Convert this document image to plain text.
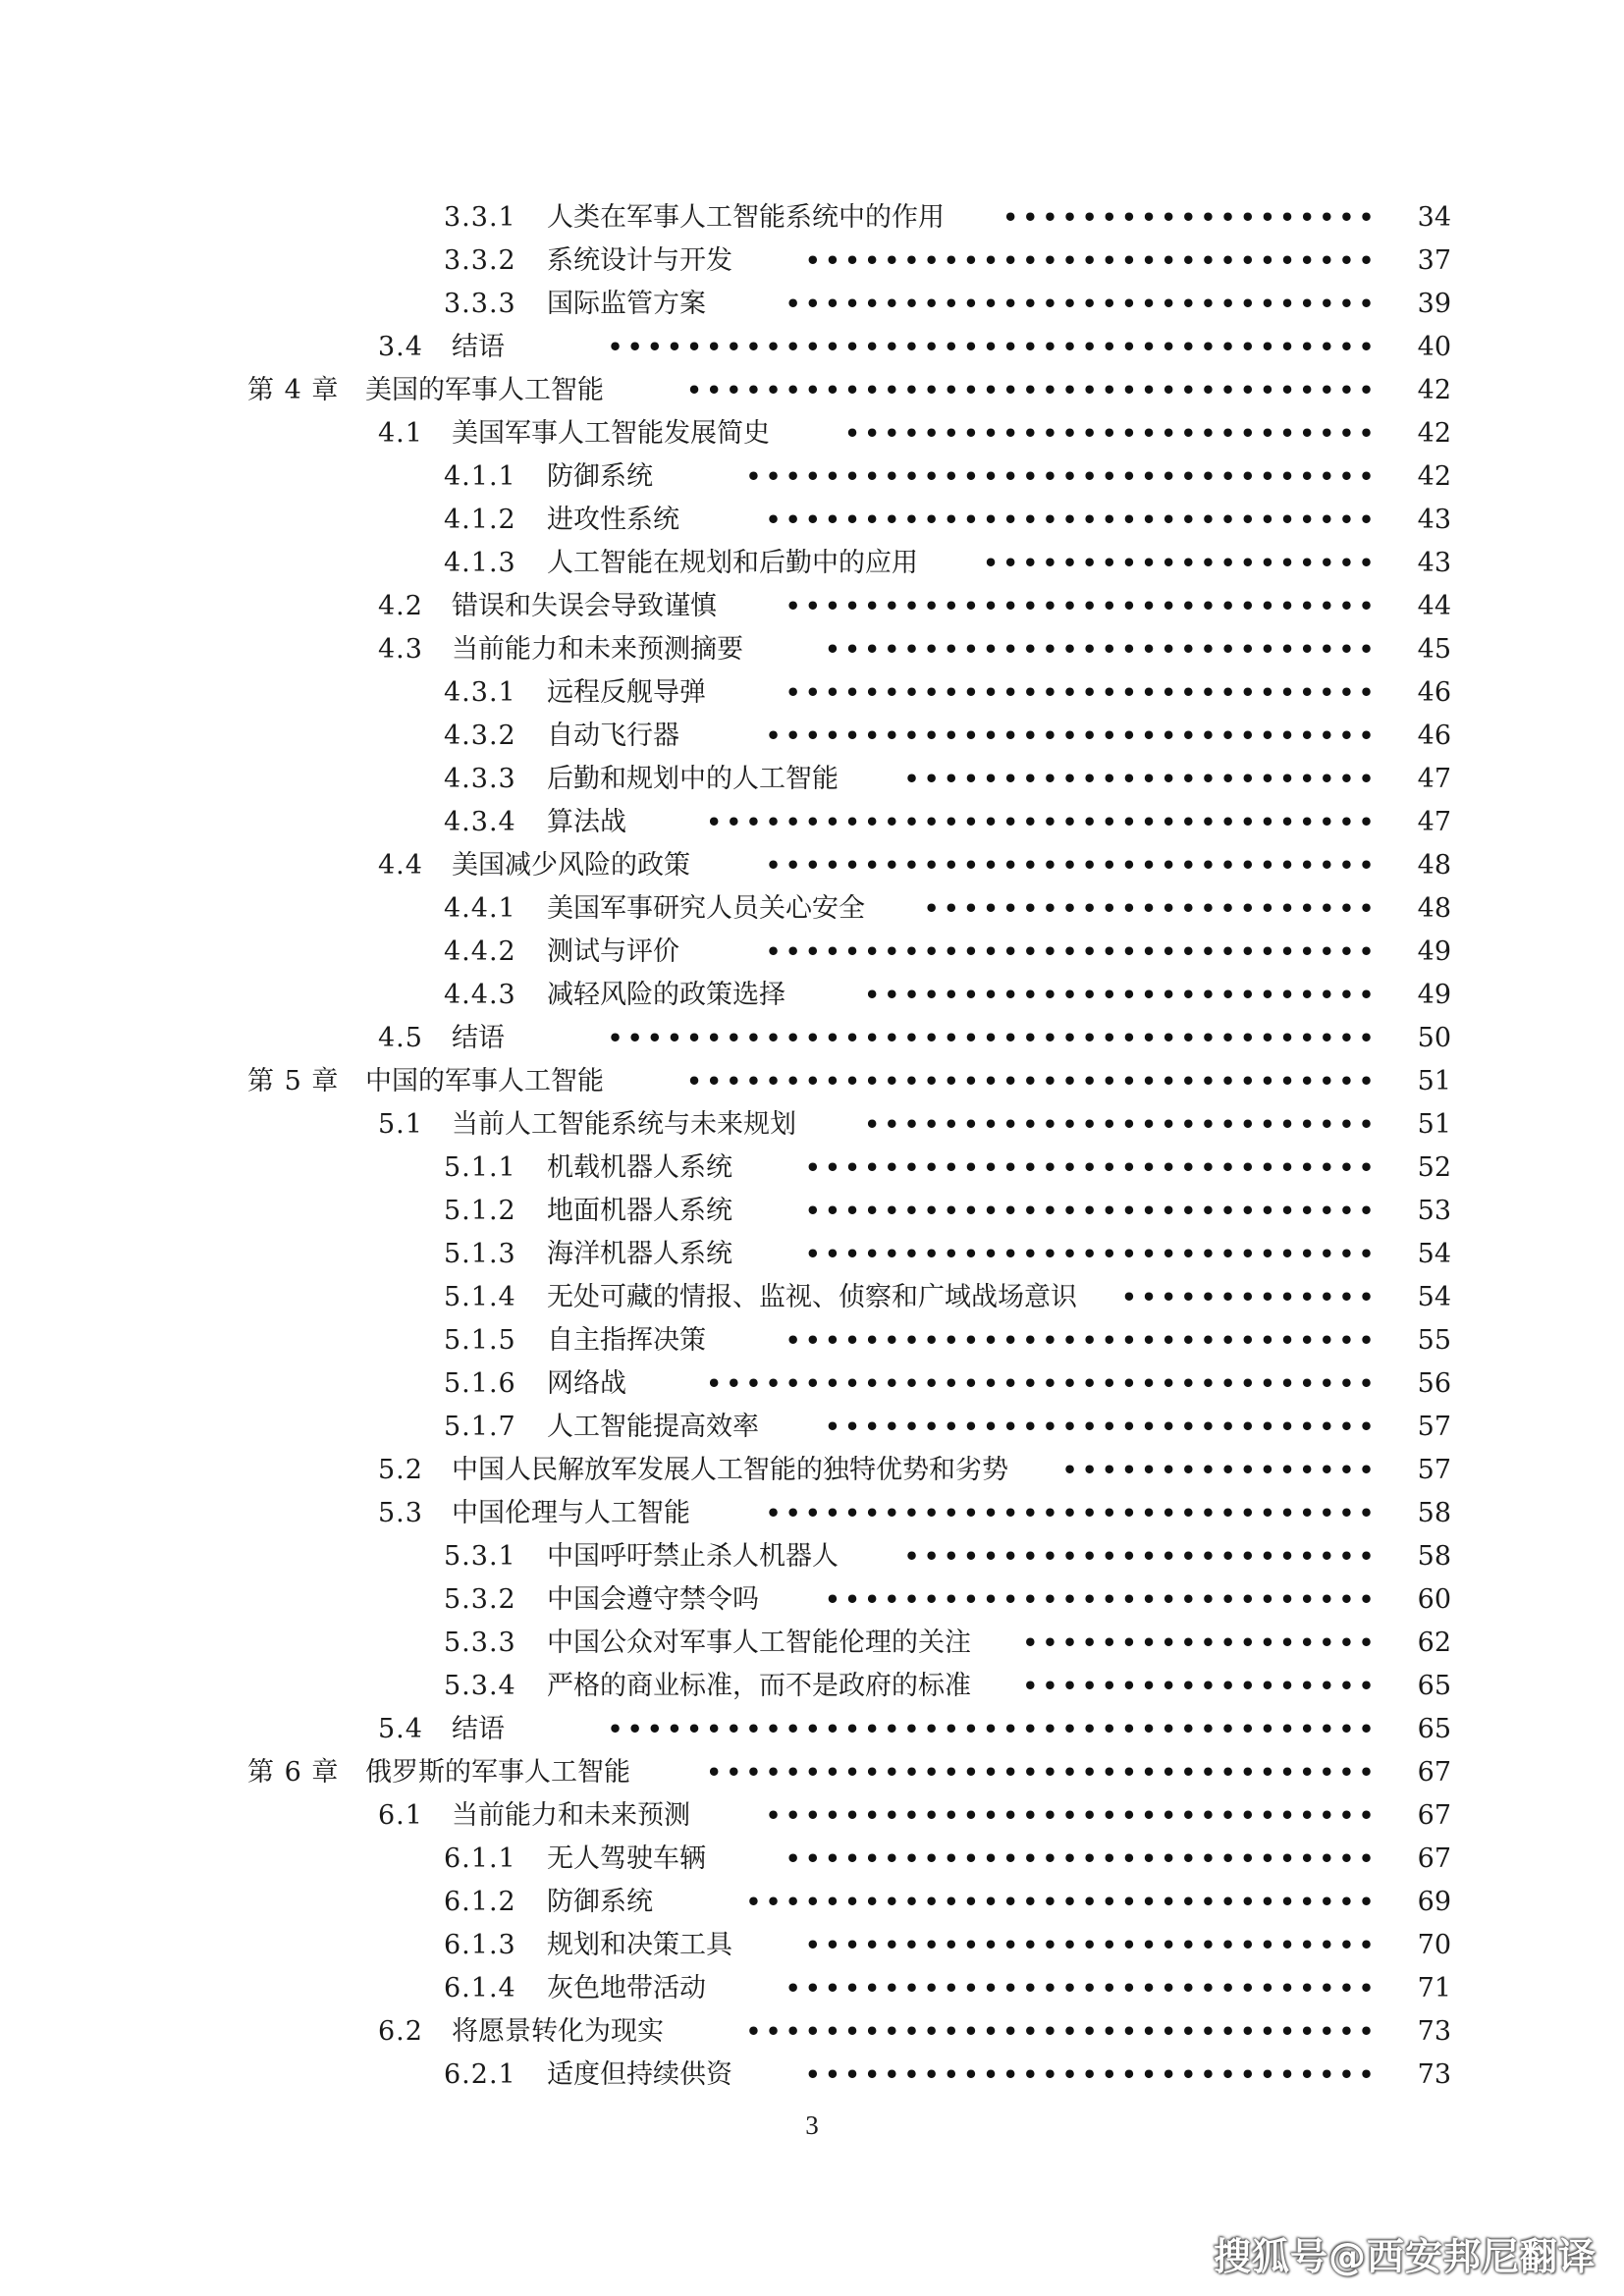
3.3.1 人类在军事人工智能系统中的作用	• • • • • • • • • • • • • • • • • • • 	34
3.3.2 系统设计与开发	• • • • • • • • • • • • • • • • • • • • • • • • • • • • • 	37
3.3.3 国际监管方案	• • • • • • • • • • • • • • • • • • • • • • • • • • • • • • 	39
3.4 结语	• • • • • • • • • • • • • • • • • • • • • • • • • • • • • • • • • • • • • • • 	40
第 4 章 美国的军事人工智能	• • • • • • • • • • • • • • • • • • • • • • • • • • • • • • • • • • • 	42
4.1 美国军事人工智能发展简史	• • • • • • • • • • • • • • • • • • • • • • • • • • • 	42
4.1.1 防御系统	• • • • • • • • • • • • • • • • • • • • • • • • • • • • • • • • 	42
4.1.2 进攻性系统	• • • • • • • • • • • • • • • • • • • • • • • • • • • • • • • 	43
4.1.3 人工智能在规划和后勤中的应用	• • • • • • • • • • • • • • • • • • • • 	43
4.2 错误和失误会导致谨慎	• • • • • • • • • • • • • • • • • • • • • • • • • • • • • • 	44
4.3 当前能力和未来预测摘要	• • • • • • • • • • • • • • • • • • • • • • • • • • • • 	45
4.3.1 远程反舰导弹	• • • • • • • • • • • • • • • • • • • • • • • • • • • • • • 	46
4.3.2 自动飞行器	• • • • • • • • • • • • • • • • • • • • • • • • • • • • • • • 	46
4.3.3 后勤和规划中的人工智能	• • • • • • • • • • • • • • • • • • • • • • • • 	47
4.3.4 算法战	• • • • • • • • • • • • • • • • • • • • • • • • • • • • • • • • • • 	47
4.4 美国减少风险的政策	• • • • • • • • • • • • • • • • • • • • • • • • • • • • • • • 	48
4.4.1 美国军事研究人员关心安全	• • • • • • • • • • • • • • • • • • • • • • • 	48
4.4.2 测试与评价	• • • • • • • • • • • • • • • • • • • • • • • • • • • • • • • 	49
4.4.3 减轻风险的政策选择	• • • • • • • • • • • • • • • • • • • • • • • • • • 	49
4.5 结语	• • • • • • • • • • • • • • • • • • • • • • • • • • • • • • • • • • • • • • • 	50
第 5 章 中国的军事人工智能	• • • • • • • • • • • • • • • • • • • • • • • • • • • • • • • • • • • 	51
5.1 当前人工智能系统与未来规划	• • • • • • • • • • • • • • • • • • • • • • • • • • 	51
5.1.1 机载机器人系统	• • • • • • • • • • • • • • • • • • • • • • • • • • • • • 	52
5.1.2 地面机器人系统	• • • • • • • • • • • • • • • • • • • • • • • • • • • • • 	53
5.1.3 海洋机器人系统	• • • • • • • • • • • • • • • • • • • • • • • • • • • • • 	54
5.1.4 无处可藏的情报、监视、侦察和广域战场意识	• • • • • • • • • • • • • 	54
5.1.5 自主指挥决策	• • • • • • • • • • • • • • • • • • • • • • • • • • • • • • 	55
5.1.6 网络战	• • • • • • • • • • • • • • • • • • • • • • • • • • • • • • • • • • 	56
5.1.7 人工智能提高效率	• • • • • • • • • • • • • • • • • • • • • • • • • • • • 	57
5.2 中国人民解放军发展人工智能的独特优势和劣势	• • • • • • • • • • • • • • • • 	57
5.3 中国伦理与人工智能	• • • • • • • • • • • • • • • • • • • • • • • • • • • • • • • 	58
5.3.1 中国呼吁禁止杀人机器人	• • • • • • • • • • • • • • • • • • • • • • • • 	58
5.3.2 中国会遵守禁令吗	• • • • • • • • • • • • • • • • • • • • • • • • • • • • 	60
5.3.3 中国公众对军事人工智能伦理的关注	• • • • • • • • • • • • • • • • • • 	62
5.3.4 严格的商业标准，而不是政府的标准	• • • • • • • • • • • • • • • • • • 	65
5.4 结语	• • • • • • • • • • • • • • • • • • • • • • • • • • • • • • • • • • • • • • • 	65
第 6 章 俄罗斯的军事人工智能	• • • • • • • • • • • • • • • • • • • • • • • • • • • • • • • • • • 	67
6.1 当前能力和未来预测	• • • • • • • • • • • • • • • • • • • • • • • • • • • • • • • 	67
6.1.1 无人驾驶车辆	• • • • • • • • • • • • • • • • • • • • • • • • • • • • • • 	67
6.1.2 防御系统	• • • • • • • • • • • • • • • • • • • • • • • • • • • • • • • • 	69
6.1.3 规划和决策工具	• • • • • • • • • • • • • • • • • • • • • • • • • • • • • 	70
6.1.4 灰色地带活动	• • • • • • • • • • • • • • • • • • • • • • • • • • • • • • 	71
6.2 将愿景转化为现实	• • • • • • • • • • • • • • • • • • • • • • • • • • • • • • • • 	73
6.2.1 适度但持续供资	• • • • • • • • • • • • • • • • • • • • • • • • • • • • • 	73
3
搜狐号@西安邦尼翻译
